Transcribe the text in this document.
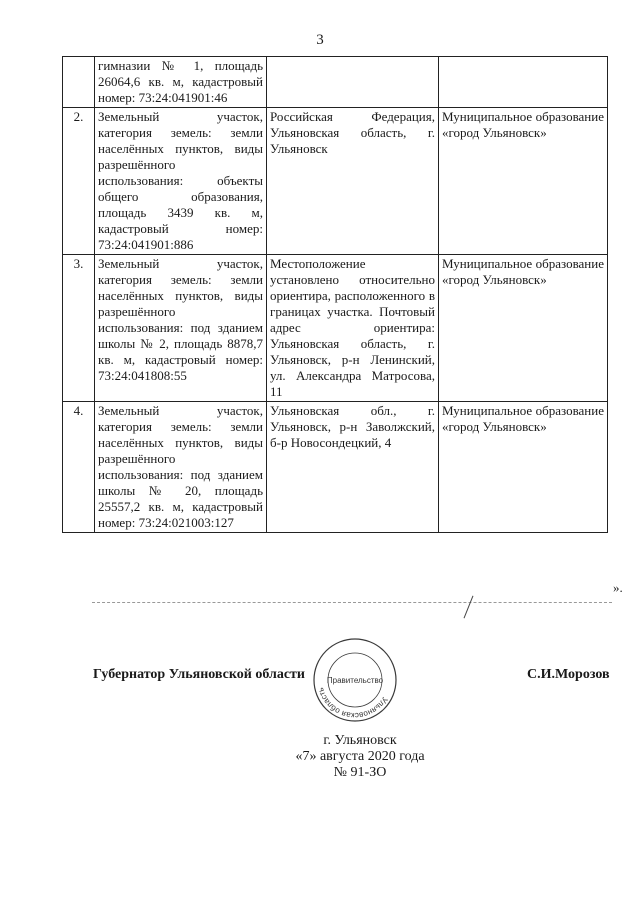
3
	гимназии № 1, площадь 26064,6 кв. м, кадастровый номер: 73:24:041901:46		
2.	Земельный участок, категория земель: земли населённых пунктов, виды разрешённого использования: объекты общего образования, площадь 3439 кв. м, кадастровый номер: 73:24:041901:886	Российская Федерация, Ульяновская область, г. Ульяновск	Муниципальное образование «город Ульяновск»
3.	Земельный участок, категория земель: земли населённых пунктов, виды разрешённого использования: под зданием школы № 2, площадь 8878,7 кв. м, кадастровый номер: 73:24:041808:55	Местоположение установлено относительно ориентира, расположенного в границах участка. Почтовый адрес ориентира: Ульяновская область, г. Ульяновск, р-н Ленинский, ул. Александра Матросова, 11	Муниципальное образование «город Ульяновск»
4.	Земельный участок, категория земель: земли населённых пунктов, виды разрешённого использования: под зданием школы № 20, площадь 25557,2 кв. м, кадастровый номер: 73:24:021003:127	Ульяновская обл., г. Ульяновск, р-н Заволжский, б-р Новосондецкий, 4	Муниципальное образование «город Ульяновск»
».
Губернатор Ульяновской области
Ульяновская область
Правительство	С.И.Морозов
г. Ульяновск
«7» августа 2020 года
№ 91-ЗО
